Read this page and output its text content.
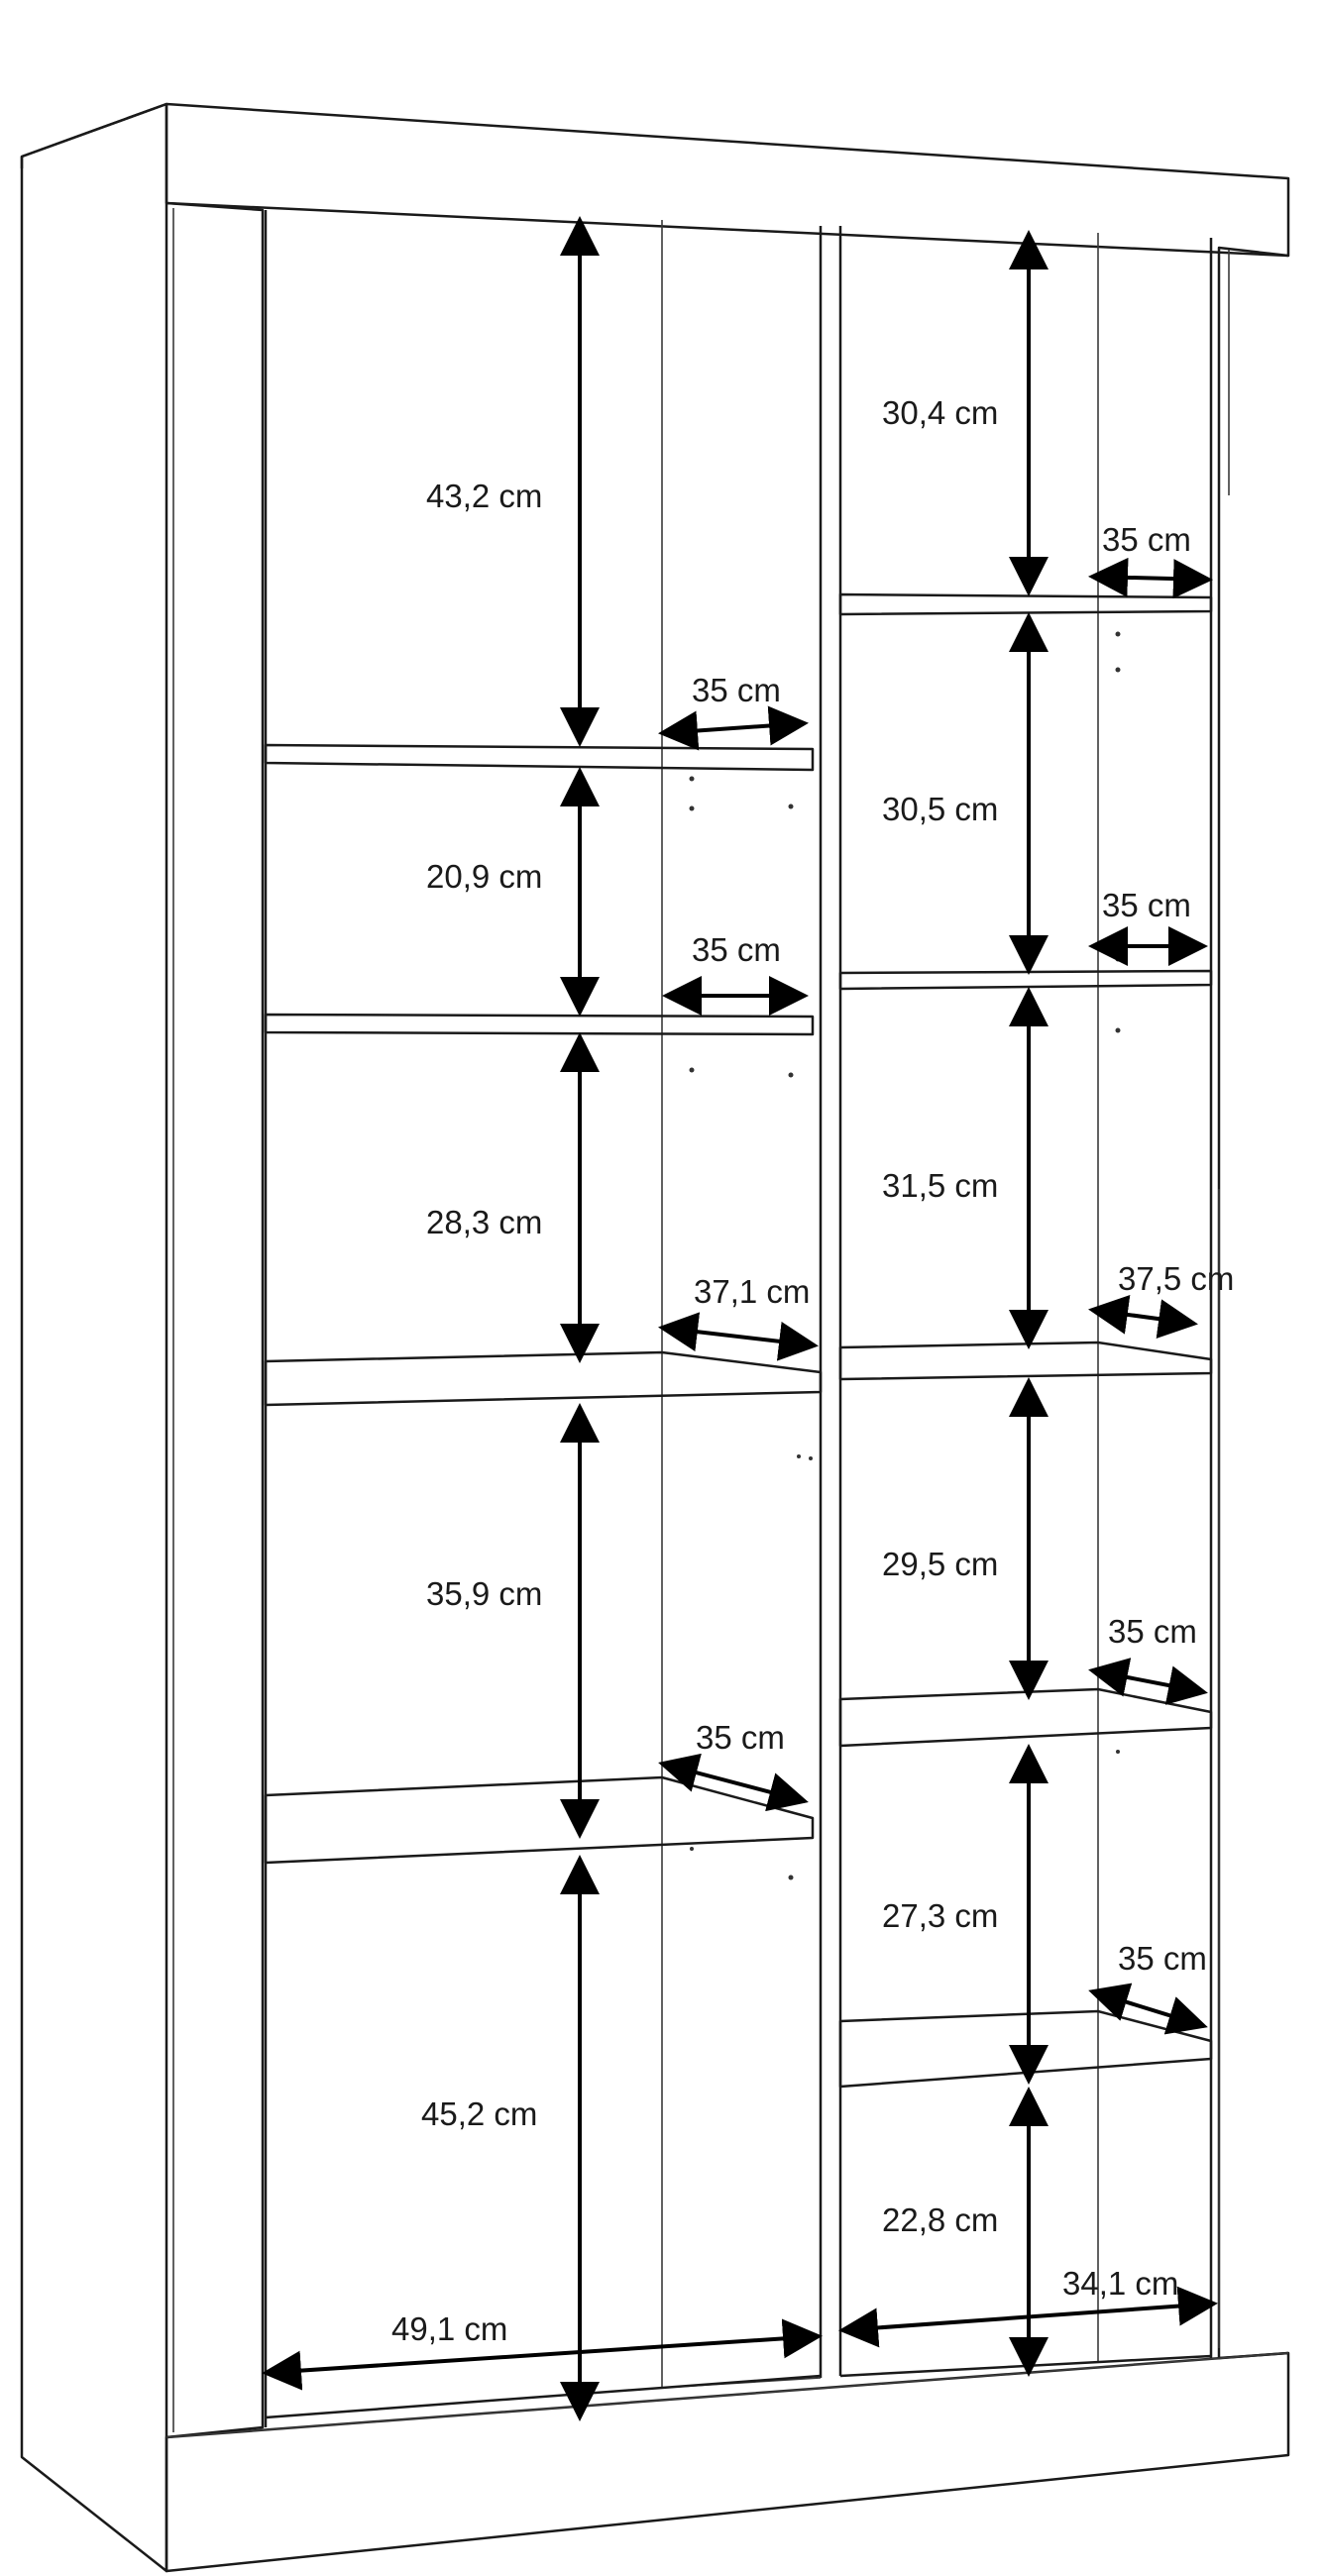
43,2 cm
20,9 cm
28,3 cm
35,9 cm
45,2 cm
35 cm
35 cm
37,1 cm
35 cm
49,1 cm
30,4 cm
30,5 cm
31,5 cm
29,5 cm
27,3 cm
22,8 cm
35 cm
35 cm
37,5 cm
35 cm
35 cm
34,1 cm
